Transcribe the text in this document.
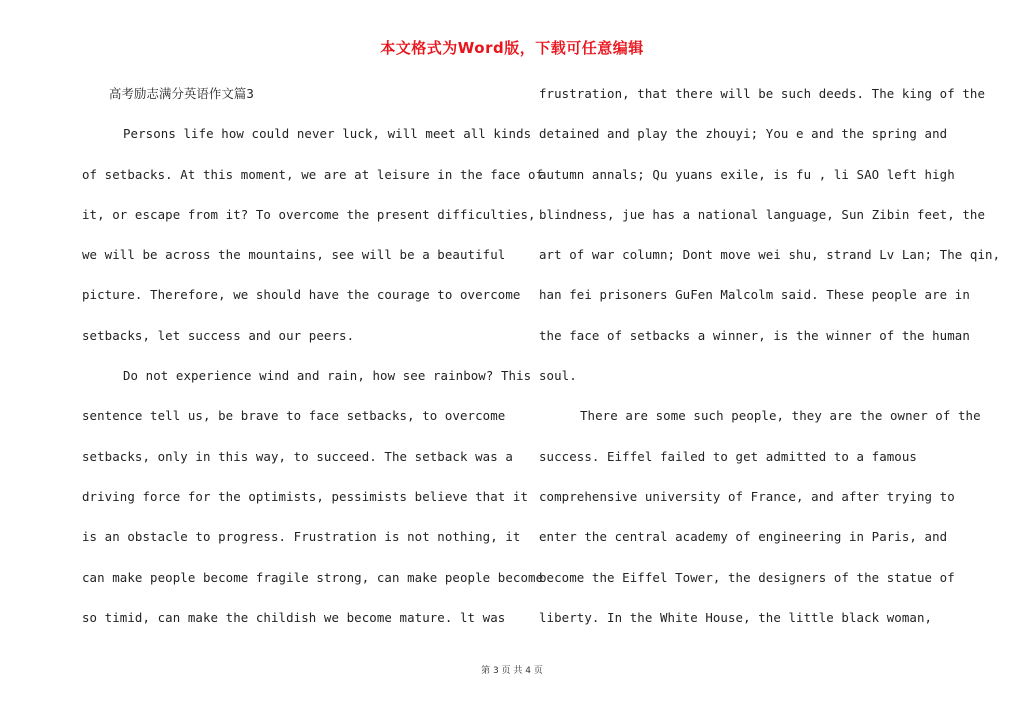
本文格式为Word版，下载可任意编辑
高考励志满分英语作文篇3
Persons life how could never luck, will meet all kinds
of setbacks. At this moment, we are at leisure in the face of
it, or escape from it? To overcome the present difficulties,
we will be across the mountains, see will be a beautiful
picture. Therefore, we should have the courage to overcome
setbacks, let success and our peers.
Do not experience wind and rain, how see rainbow? This
sentence tell us, be brave to face setbacks, to overcome
setbacks, only in this way, to succeed. The setback was a
driving force for the optimists, pessimists believe that it
is an obstacle to progress. Frustration is not nothing, it
can make people become fragile strong, can make people become
so timid, can make the childish we become mature. lt was
frustration, that there will be such deeds. The king of the
detained and play the zhouyi; You e and the spring and
autumn annals; Qu yuans exile, is fu , li SAO left high
blindness, jue has a national language, Sun Zibin feet, the
art of war column; Dont move wei shu, strand Lv Lan; The qin,
han fei prisoners GuFen Malcolm said. These people are in
the face of setbacks a winner, is the winner of the human
soul.
There are some such people, they are the owner of the
success. Eiffel failed to get admitted to a famous
comprehensive university of France, and after trying to
enter the central academy of engineering in Paris, and
become the Eiffel Tower, the designers of the statue of
liberty. In the White House, the little black woman,
第 3 页 共 4 页
